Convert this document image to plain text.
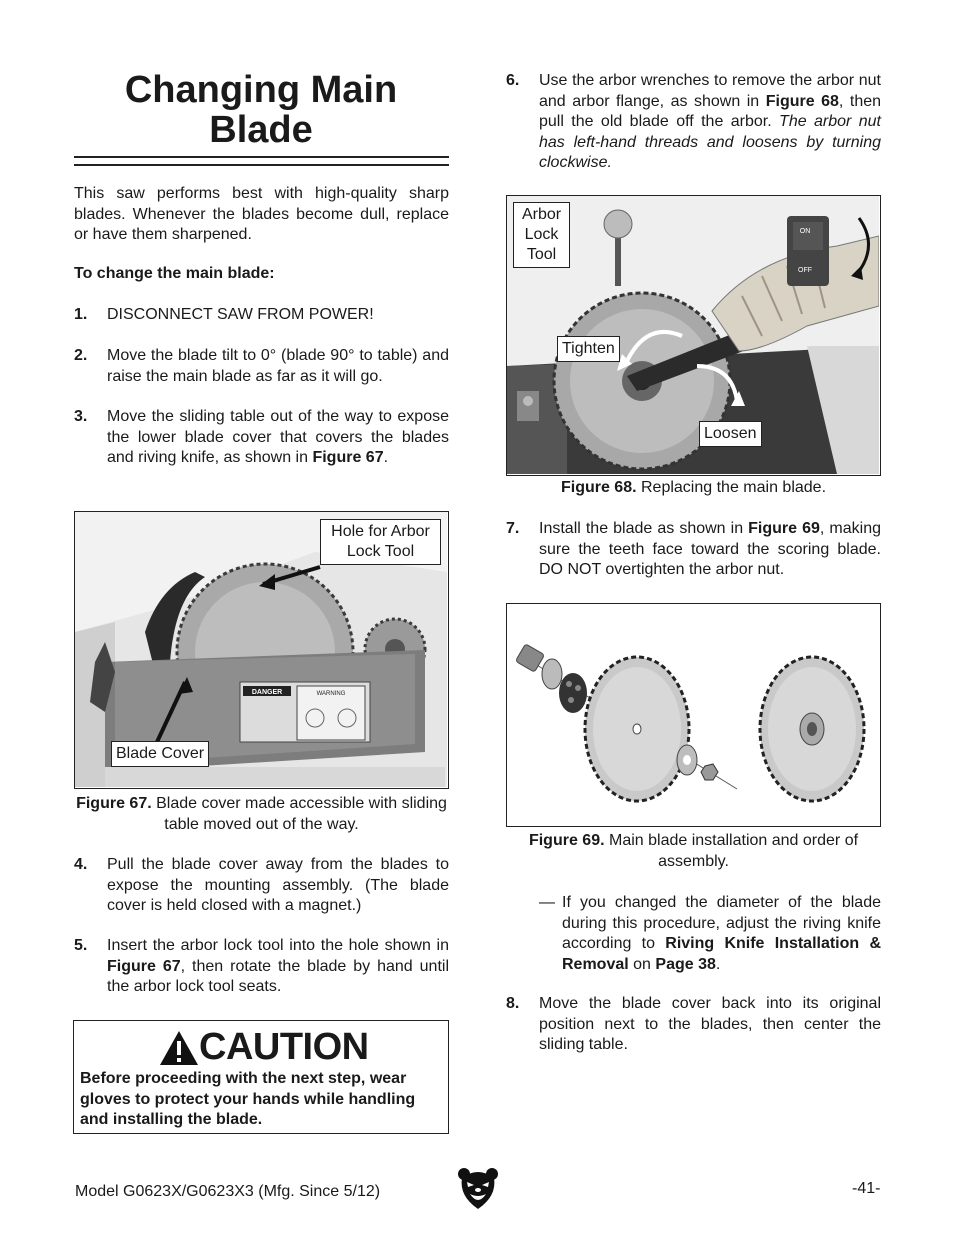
Changing Main
Blade
This saw performs best with high-quality sharp blades. Whenever the blades become dull, replace or have them sharpened.
To change the main blade:
1. DISCONNECT SAW FROM POWER!
2. Move the blade tilt to 0° (blade 90° to table) and raise the main blade as far as it will go.
3. Move the sliding table out of the way to expose the lower blade cover that covers the blades and riving knife, as shown in Figure 67.
DANGER	WARNING
Hole for Arbor Lock Tool
Blade Cover
Figure 67. Blade cover made accessible with sliding table moved out of the way.
4. Pull the blade cover away from the blades to expose the mounting assembly. (The blade cover is held closed with a magnet.)
5. Insert the arbor lock tool into the hole shown in Figure 67, then rotate the blade by hand until the arbor lock tool seats.
CAUTION
Before proceeding with the next step, wear gloves to protect your hands while handling and installing the blade.
6. Use the arbor wrenches to remove the arbor nut and arbor flange, as shown in Figure 68, then pull the old blade off the arbor. The arbor nut has left-hand threads and loosens by turning clockwise.
ON
OFF
Arbor Lock Tool
Tighten
Loosen
Figure 68. Replacing the main blade.
7. Install the blade as shown in Figure 69, making sure the teeth face toward the scoring blade. DO NOT overtighten the arbor nut.
Figure 69. Main blade installation and order of assembly.
— If you changed the diameter of the blade during this procedure, adjust the riving knife according to Riving Knife Installation & Removal on Page 38.
8. Move the blade cover back into its original position next to the blades, then center the sliding table.
Model G0623X/G0623X3 (Mfg. Since 5/12)	-41-
